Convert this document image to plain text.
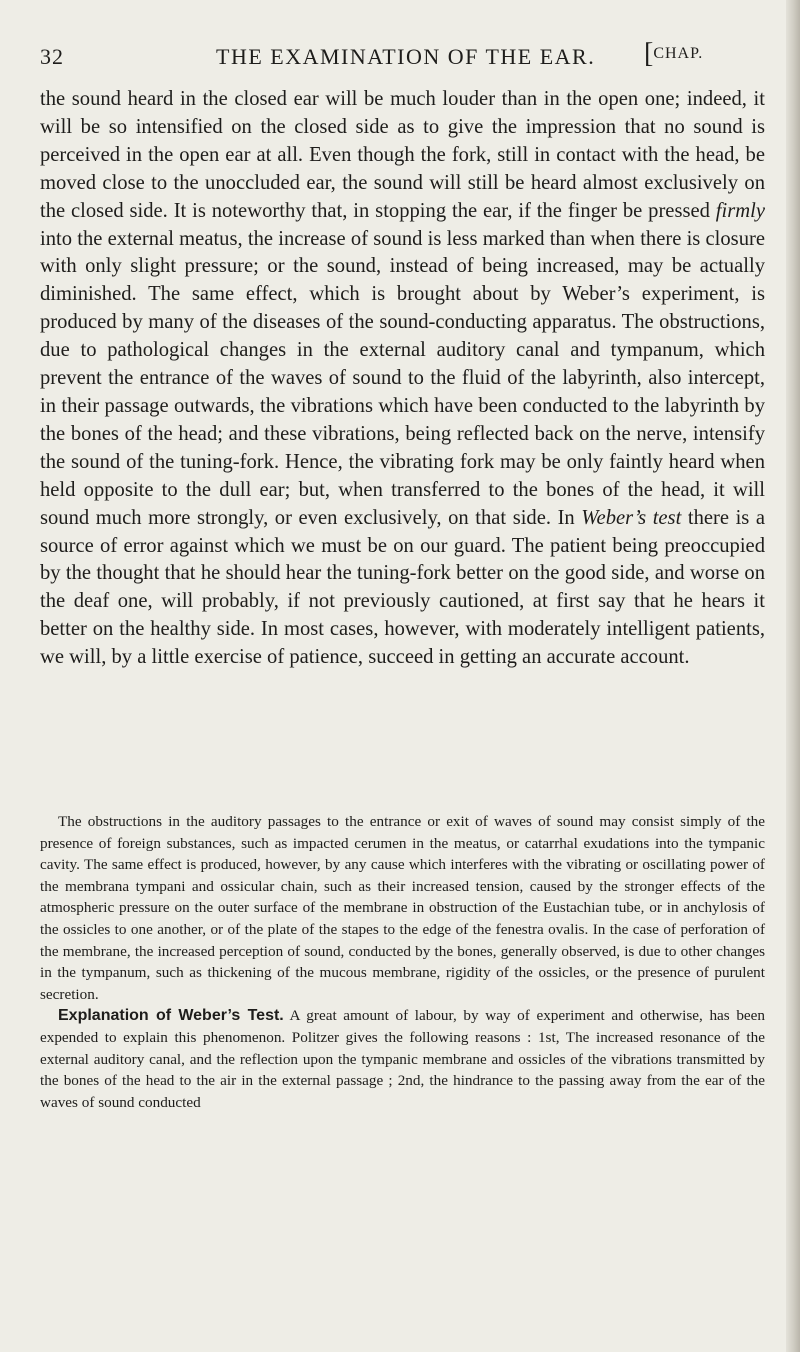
32	THE EXAMINATION OF THE EAR. [CHAP.

the sound heard in the closed ear will be much louder than in the open one; indeed, it will be so intensified on the closed side as to give the impression that no sound is perceived in the open ear at all. Even though the fork, still in contact with the head, be moved close to the unoccluded ear, the sound will still be heard almost exclusively on the closed side. It is noteworthy that, in stopping the ear, if the finger be pressed firmly into the external meatus, the increase of sound is less marked than when there is closure with only slight pressure; or the sound, instead of being increased, may be actually diminished. The same effect, which is brought about by Weber’s experiment, is produced by many of the diseases of the sound-conducting apparatus. The obstructions, due to pathological changes in the external auditory canal and tympanum, which prevent the entrance of the waves of sound to the fluid of the labyrinth, also intercept, in their passage outwards, the vibrations which have been conducted to the labyrinth by the bones of the head; and these vibrations, being reflected back on the nerve, intensify the sound of the tuning-fork. Hence, the vibrating fork may be only faintly heard when held opposite to the dull ear; but, when transferred to the bones of the head, it will sound much more strongly, or even exclusively, on that side. In Weber’s test there is a source of error against which we must be on our guard. The patient being preoccupied by the thought that he should hear the tuning-fork better on the good side, and worse on the deaf one, will probably, if not previously cautioned, at first say that he hears it better on the healthy side. In most cases, however, with moderately intelligent patients, we will, by a little exercise of patience, succeed in getting an accurate account.

The obstructions in the auditory passages to the entrance or exit of waves of sound may consist simply of the presence of foreign substances, such as impacted cerumen in the meatus, or catarrhal exudations into the tympanic cavity. The same effect is produced, however, by any cause which interferes with the vibrating or oscillating power of the membrana tympani and ossicular chain, such as their increased tension, caused by the stronger effects of the atmospheric pressure on the outer surface of the membrane in obstruction of the Eustachian tube, or in anchylosis of the ossicles to one another, or of the plate of the stapes to the edge of the fenestra ovalis. In the case of perforation of the membrane, the increased perception of sound, conducted by the bones, generally observed, is due to other changes in the tympanum, such as thickening of the mucous membrane, rigidity of the ossicles, or the presence of purulent secretion.

Explanation of Weber’s Test. A great amount of labour, by way of experiment and otherwise, has been expended to explain this phenomenon. Politzer gives the following reasons : 1st, The increased resonance of the external auditory canal, and the reflection upon the tympanic membrane and ossicles of the vibrations transmitted by the bones of the head to the air in the external passage ; 2nd, the hindrance to the passing away from the ear of the waves of sound conducted
